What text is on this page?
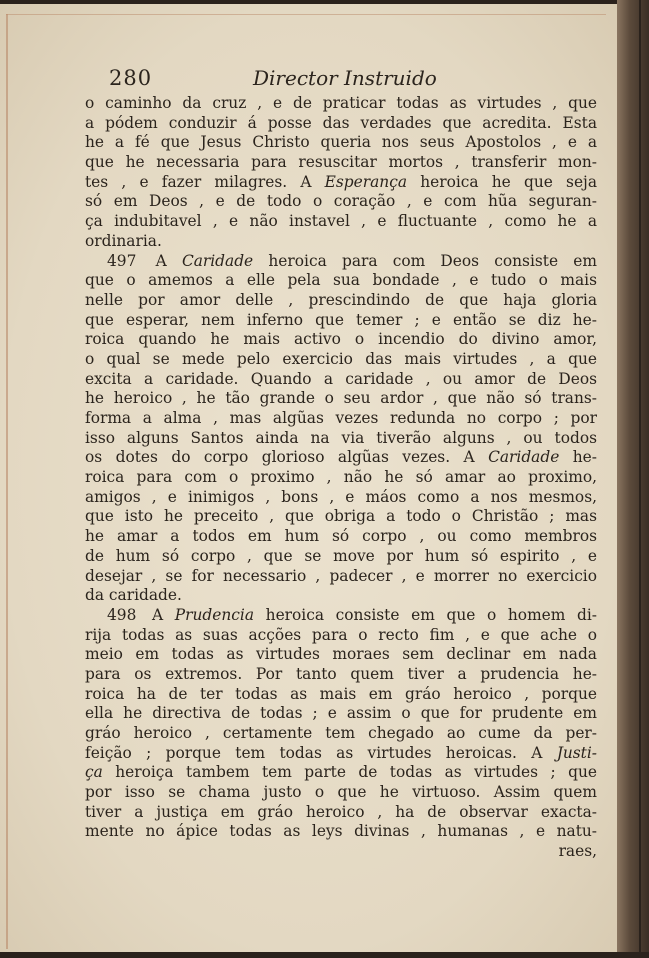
280	Director Instruido
o caminho da cruz , e de praticar todas as virtudes , que
a pódem conduzir á posse das verdades que acredita. Esta
he a fé que Jesus Christo queria nos seus Apostolos , e a
que he necessaria para resuscitar mortos , transferir mon-
tes , e fazer milagres. A Esperança heroica he que seja
só em Deos , e de todo o coração , e com hũa seguran-
ça indubitavel , e não instavel , e fluctuante , como he a
ordinaria.
497 A Caridade heroica para com Deos consiste em
que o amemos a elle pela sua bondade , e tudo o mais
nelle por amor delle , prescindindo de que haja gloria
que esperar, nem inferno que temer ; e então se diz he-
roica quando he mais activo o incendio do divino amor,
o qual se mede pelo exercicio das mais virtudes , a que
excita a caridade. Quando a caridade , ou amor de Deos
he heroico , he tão grande o seu ardor , que não só trans-
forma a alma , mas algũas vezes redunda no corpo ; por
isso alguns Santos ainda na via tiverão alguns , ou todos
os dotes do corpo glorioso algũas vezes. A Caridade he-
roica para com o proximo , não he só amar ao proximo,
amigos , e inimigos , bons , e máos como a nos mesmos,
que isto he preceito , que obriga a todo o Christão ; mas
he amar a todos em hum só corpo , ou como membros
de hum só corpo , que se move por hum só espirito , e
desejar , se for necessario , padecer , e morrer no exercicio
da caridade.
498 A Prudencia heroica consiste em que o homem di-
rija todas as suas acções para o recto fim , e que ache o
meio em todas as virtudes moraes sem declinar em nada
para os extremos. Por tanto quem tiver a prudencia he-
roica ha de ter todas as mais em gráo heroico , porque
ella he directiva de todas ; e assim o que for prudente em
gráo heroico , certamente tem chegado ao cume da per-
feição ; porque tem todas as virtudes heroicas. A Justi-
ça heroiça tambem tem parte de todas as virtudes ; que
por isso se chama justo o que he virtuoso. Assim quem
tiver a justiça em gráo heroico , ha de observar exacta-
mente no ápice todas as leys divinas , humanas , e natu-
raes,
